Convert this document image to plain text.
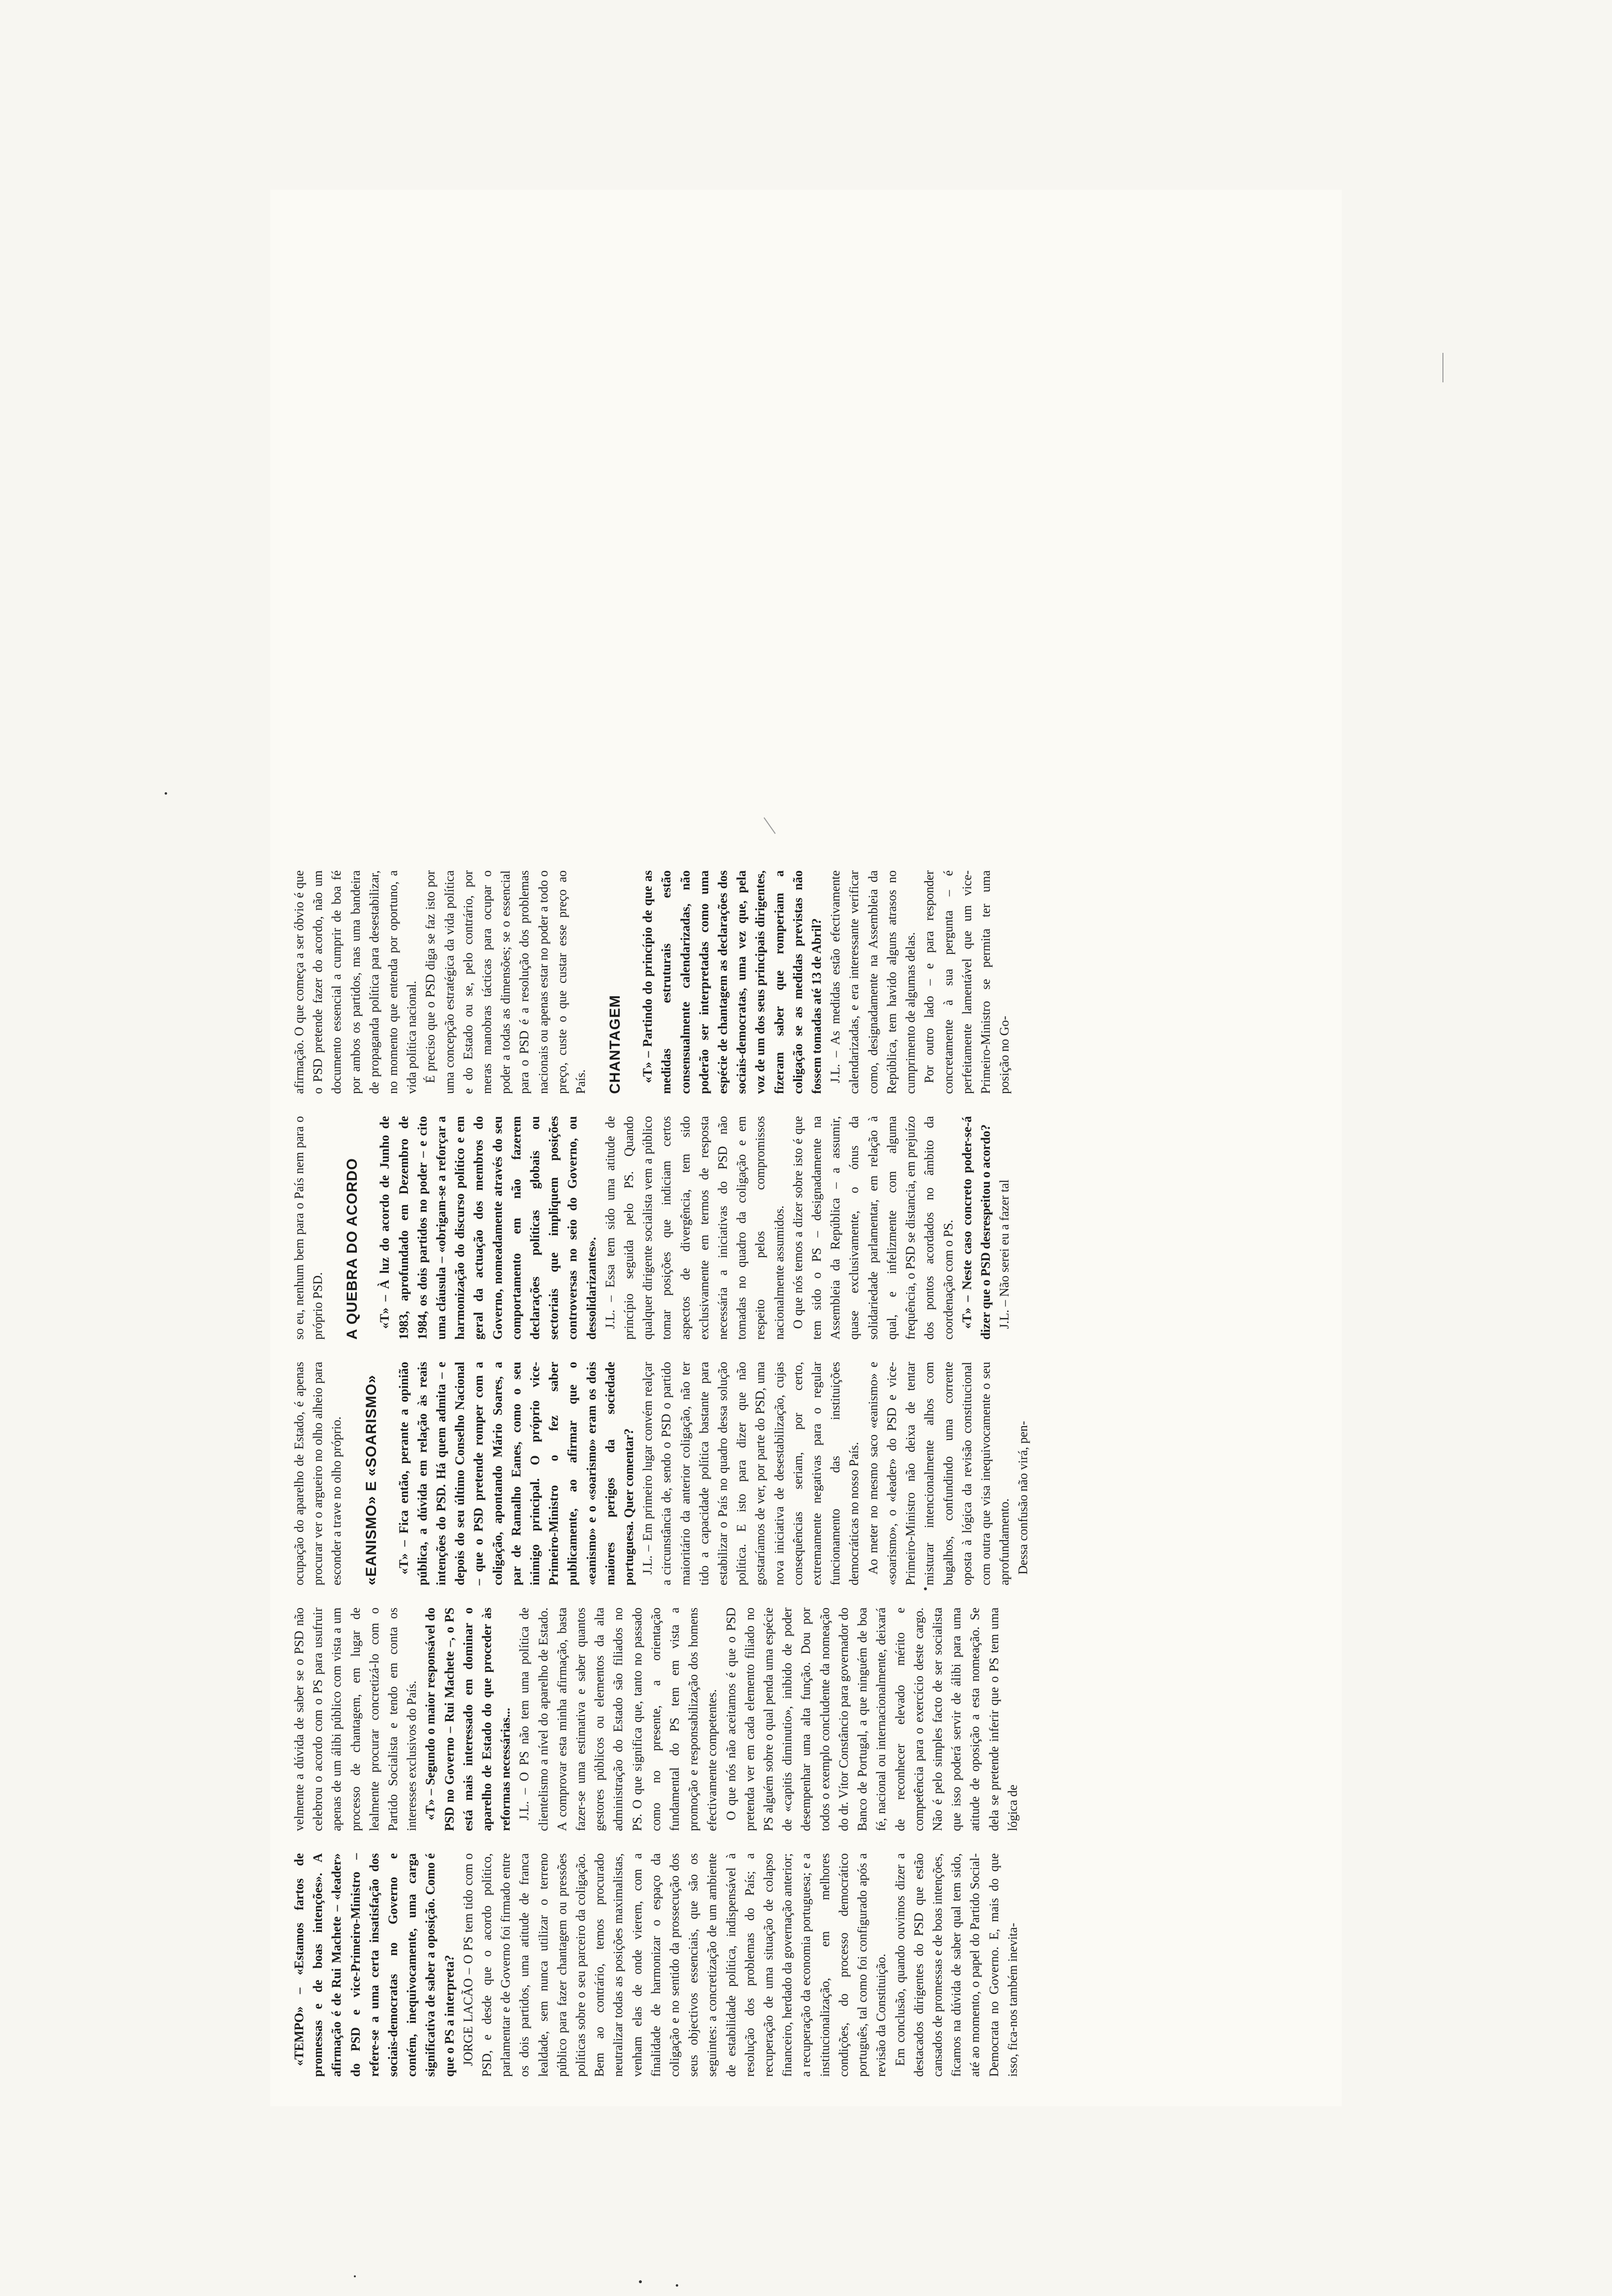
«TEMPO» – «Estamos fartos de promessas e de boas intenções». A afirmação é de Rui Machete – «leader» do PSD e vice-Primeiro-Ministro – refere-se a uma certa insatisfação dos sociais-democratas no Governo e contém, inequivocamente, uma carga significativa de saber a oposição. Como é que o PS a interpreta? JORGE LACÃO – O PS tem tido com o PSD, e desde que o acordo político, parlamentar e de Governo foi firmado entre os dois partidos, uma atitude de franca lealdade, sem nunca utilizar o terreno público para fazer chantagem ou pressões políticas sobre o seu parceiro da coligação. Bem ao contrário, temos procurado neutralizar todas as posições maximalistas, venham elas de onde vierem, com a finalidade de harmonizar o espaço da coligação e no sentido da prossecução dos seus objectivos essenciais, que são os seguintes: a concretização de um ambiente de estabilidade política, indispensável à resolução dos problemas do País; a recuperação de uma situação de colapso financeiro, herdado da governação anterior; a recuperação da economia portuguesa; e a institucionalização, em melhores condições, do processo democrático português, tal como foi configurado após a revisão da Constituição. Em conclusão, quando ouvimos dizer a destacados dirigentes do PSD que estão cansados de promessas e de boas intenções, ficamos na dúvida de saber qual tem sido, até ao momento, o papel do Partido Social-Democrata no Governo. E, mais do que isso, fica-nos também inevita-

velmente a dúvida de saber se o PSD não celebrou o acordo com o PS para usufruir apenas de um álibi público com vista a um processo de chantagem, em lugar de lealmente procurar concretizá-lo com o Partido Socialista e tendo em conta os interesses exclusivos do País. «T» – Segundo o maior responsável do PSD no Governo – Rui Machete –, o PS está mais interessado em dominar o aparelho de Estado do que proceder às reformas necessárias... J.L. – O PS não tem uma política de clientelismo a nível do aparelho de Estado. A comprovar esta minha afirmação, basta fazer-se uma estimativa e saber quantos gestores públicos ou elementos da alta administração do Estado são filiados no PS. O que significa que, tanto no passado como no presente, a orientação fundamental do PS tem em vista a promoção e responsabilização dos homens efectivamente competentes. O que nós não aceitamos é que o PSD pretenda ver em cada elemento filiado no PS alguém sobre o qual penda uma espécie de «capitis diminutio», inibido de poder desempenhar uma alta função. Dou por todos o exemplo concludente da nomeação do dr. Vítor Constâncio para governador do Banco de Portugal, a que ninguém de boa fé, nacional ou internacionalmente, deixará de reconhecer elevado mérito e competência para o exercício deste cargo. Não é pelo simples facto de ser socialista que isso poderá servir de álibi para uma atitude de oposição a esta nomeação. Se dela se pretende inferir que o PS tem uma lógica de

ocupação do aparelho de Estado, é apenas procurar ver o argueiro no olho alheio para esconder a trave no olho próprio. «EANISMO» E «SOARISMO» «T» – Fica então, perante a opinião pública, a dúvida em relação às reais intenções do PSD. Há quem admita – e depois do seu último Conselho Nacional – que o PSD pretende romper com a coligação, apontando Mário Soares, a par de Ramalho Eanes, como o seu inimigo principal. O próprio vice-Primeiro-Ministro o fez saber publicamente, ao afirmar que o «eanismo» e o «soarismo» eram os dois maiores perigos da sociedade portuguesa. Quer comentar? J.L. – Em primeiro lugar convém realçar a circunstância de, sendo o PSD o partido maioritário da anterior coligação, não ter tido a capacidade política bastante para estabilizar o País no quadro dessa solução política. E isto para dizer que não gostaríamos de ver, por parte do PSD, uma nova iniciativa de desestabilização, cujas consequências seriam, por certo, extremamente negativas para o regular funcionamento das instituições democráticas no nosso País. Ao meter no mesmo saco «eanismo» e «soarismo», o «leader» do PSD e vice-Primeiro-Ministro não deixa de tentar misturar intencionalmente alhos com bugalhos, confundindo uma corrente oposta à lógica da revisão constitucional com outra que visa inequivocamente o seu aprofundamento. Dessa confusão não virá, pen-

so eu, nenhum bem para o País nem para o próprio PSD. A QUEBRA DO ACORDO «T» – À luz do acordo de Junho de 1983, aprofundado em Dezembro de 1984, os dois partidos no poder – e cito uma cláusula – «obrigam-se a reforçar a harmonização do discurso político e em geral da actuação dos membros do Governo, nomeadamente através do seu comportamento em não fazerem declarações políticas globais ou sectoriais que impliquem posições controversas no seio do Governo, ou dessolidarizantes». J.L. – Essa tem sido uma atitude de princípio seguida pelo PS. Quando qualquer dirigente socialista vem a público tomar posições que indiciam certos aspectos de divergência, tem sido exclusivamente em termos de resposta necessária a iniciativas do PSD não tomadas no quadro da coligação e em respeito pelos compromissos nacionalmente assumidos. O que nós temos a dizer sobre isto é que tem sido o PS – designadamente na Assembleia da República – a assumir, quase exclusivamente, o ónus da solidariedade parlamentar, em relação à qual, e infelizmente com alguma frequência, o PSD se distancia, em prejuízo dos pontos acordados no âmbito da coordenação com o PS. «T» – Neste caso concreto poder-se-á dizer que o PSD desrespeitou o acordo? J.L. – Não serei eu a fazer tal

afirmação. O que começa a ser óbvio é que o PSD pretende fazer do acordo, não um documento essencial a cumprir de boa fé por ambos os partidos, mas uma bandeira de propaganda política para desestabilizar, no momento que entenda por oportuno, a vida política nacional. É preciso que o PSD diga se faz isto por uma concepção estratégica da vida política e do Estado ou se, pelo contrário, por meras manobras tácticas para ocupar o poder a todas as dimensões; se o essencial para o PSD é a resolução dos problemas nacionais ou apenas estar no poder a todo o preço, custe o que custar esse preço ao País. CHANTAGEM «T» – Partindo do princípio de que as medidas estruturais estão consensualmente calendarizadas, não poderão ser interpretadas como uma espécie de chantagem as declarações dos sociais-democratas, uma vez que, pela voz de um dos seus principais dirigentes, fizeram saber que romperiam a coligação se as medidas previstas não fossem tomadas até 13 de Abril? J.L. – As medidas estão efectivamente calendarizadas, e era interessante verificar como, designadamente na Assembleia da República, tem havido alguns atrasos no cumprimento de algumas delas. Por outro lado – e para responder concretamente à sua pergunta – é perfeitamente lamentável que um vice-Primeiro-Ministro se permita ter uma posição no Go-
